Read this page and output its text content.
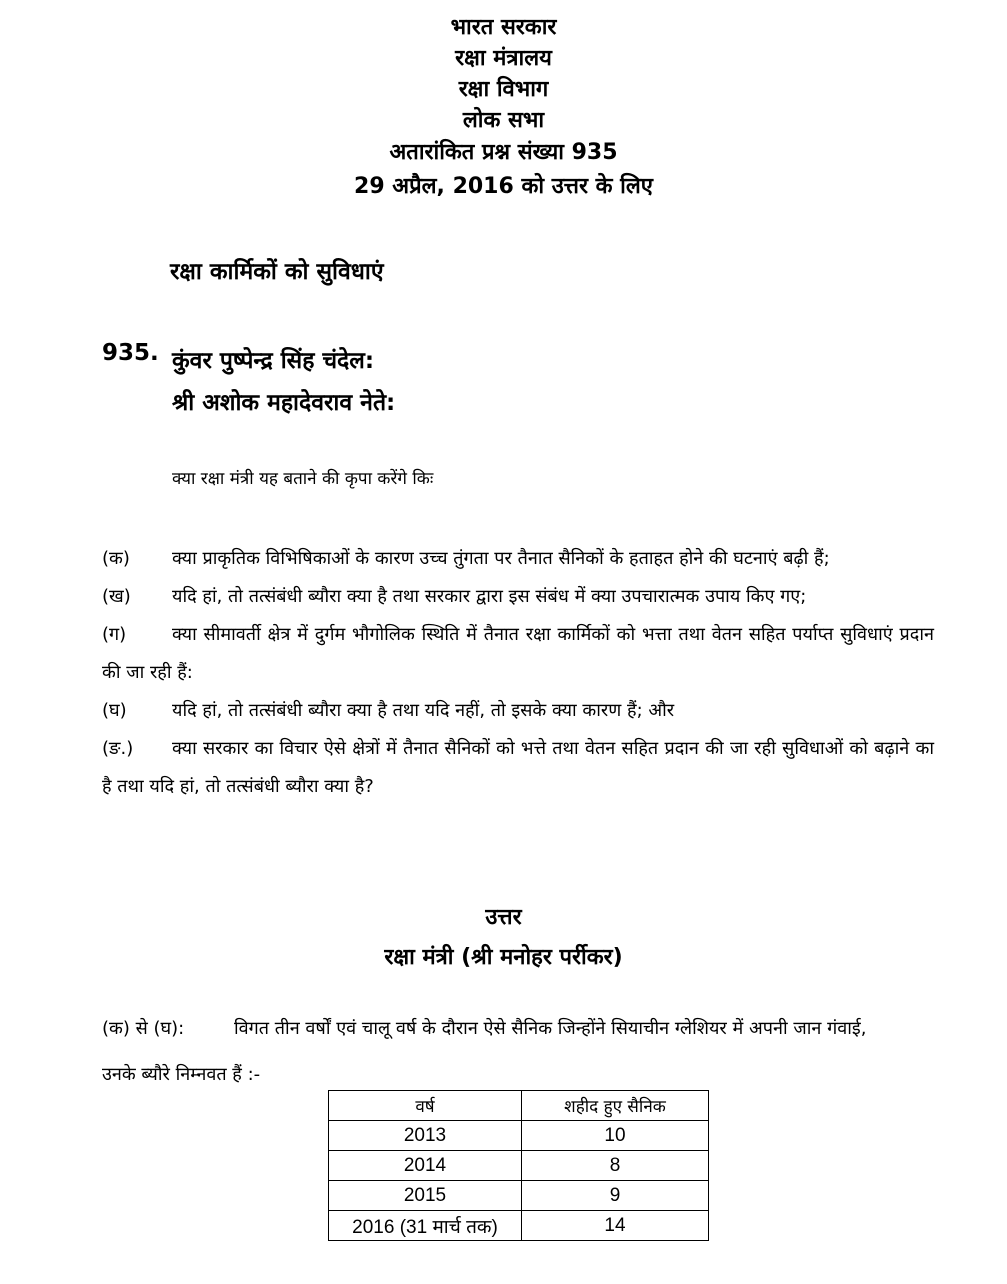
भारत सरकार
रक्षा मंत्रालय
रक्षा विभाग
लोक सभा
अतारांकित प्रश्न संख्या 935
29 अप्रैल, 2016 को उत्तर के लिए
रक्षा कार्मिकों को सुविधाएं
935. कुंवर पुष्पेन्द्र सिंह चंदेल:
श्री अशोक महादेवराव नेते:
क्या रक्षा मंत्री यह बताने की कृपा करेंगे किः
(क) क्या प्राकृतिक विभिषिकाओं के कारण उच्च तुंगता पर तैनात सैनिकों के हताहत होने की घटनाएं बढ़ी हैं;
(ख) यदि हां, तो तत्संबंधी ब्यौरा क्या है तथा सरकार द्वारा इस संबंध में क्या उपचारात्मक उपाय किए गए;
(ग)	क्या सीमावर्ती क्षेत्र में दुर्गम भौगोलिक स्थिति में तैनात रक्षा कार्मिकों को भत्ता तथा वेतन सहित पर्याप्त सुविधाएं प्रदान की जा रही हैं:
(घ)	यदि हां, तो तत्संबंधी ब्यौरा क्या है तथा यदि नहीं, तो इसके क्या कारण हैं; और
(ङ.) क्या सरकार का विचार ऐसे क्षेत्रों में तैनात सैनिकों को भत्ते तथा वेतन सहित प्रदान की जा रही सुविधाओं को बढ़ाने का है तथा यदि हां, तो तत्संबंधी ब्यौरा क्या है?
उत्तर
रक्षा मंत्री (श्री मनोहर पर्रीकर)
(क) से (घ):	विगत तीन वर्षों एवं चालू वर्ष के दौरान ऐसे सैनिक जिन्होंने सियाचीन ग्लेशियर में अपनी जान गंवाई, उनके ब्यौरे निम्नवत हैं :-
वर्ष	शहीद हुए सैनिक
2013	10
2014	8
2015	9
2016 (31 मार्च तक)	14
